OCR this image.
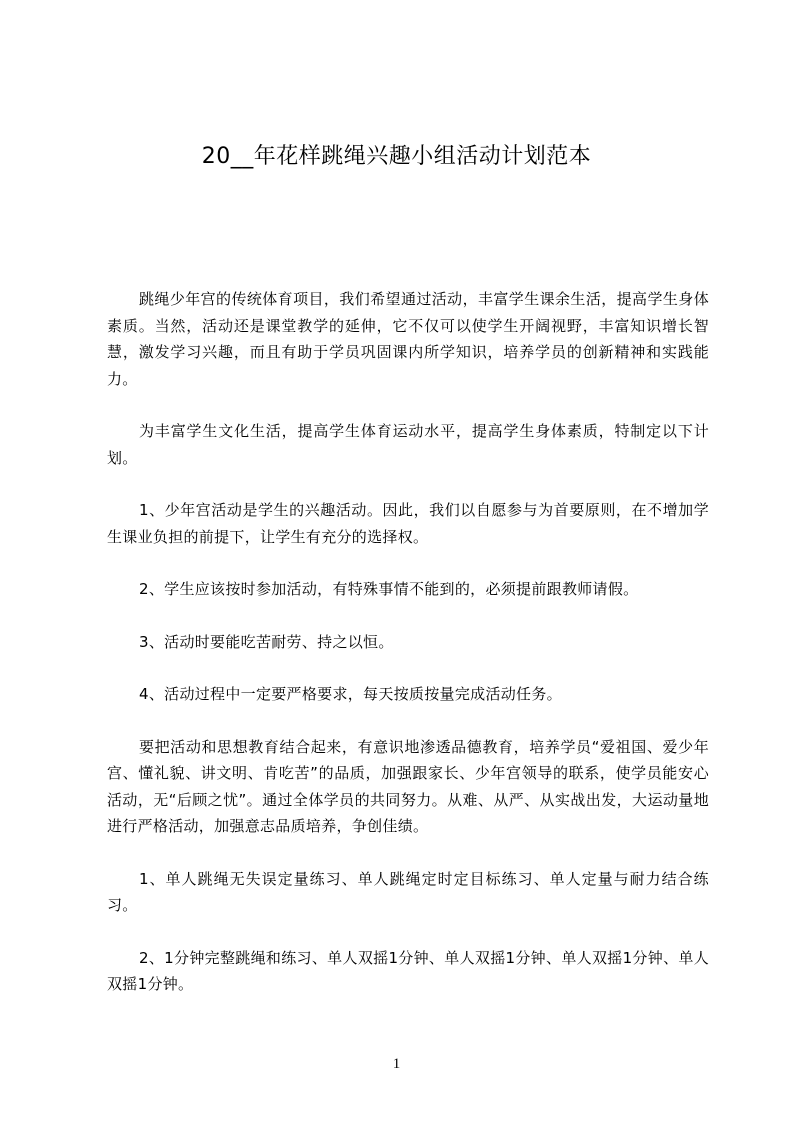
20__年花样跳绳兴趣小组活动计划范本

跳绳少年宫的传统体育项目，我们希望通过活动，丰富学生课余生活，提高学生身体素质。当然，活动还是课堂教学的延伸，它不仅可以使学生开阔视野，丰富知识增长智慧，激发学习兴趣，而且有助于学员巩固课内所学知识，培养学员的创新精神和实践能力。

为丰富学生文化生活，提高学生体育运动水平，提高学生身体素质，特制定以下计划。

1、少年宫活动是学生的兴趣活动。因此，我们以自愿参与为首要原则，在不增加学生课业负担的前提下，让学生有充分的选择权。

2、学生应该按时参加活动，有特殊事情不能到的，必须提前跟教师请假。

3、活动时要能吃苦耐劳、持之以恒。

4、活动过程中一定要严格要求，每天按质按量完成活动任务。

要把活动和思想教育结合起来，有意识地渗透品德教育，培养学员“爱祖国、爱少年宫、懂礼貌、讲文明、肯吃苦”的品质，加强跟家长、少年宫领导的联系，使学员能安心活动，无“后顾之忧”。通过全体学员的共同努力。从难、从严、从实战出发，大运动量地进行严格活动，加强意志品质培养，争创佳绩。

1、单人跳绳无失误定量练习、单人跳绳定时定目标练习、单人定量与耐力结合练习。

2、1分钟完整跳绳和练习、单人双摇1分钟、单人双摇1分钟、单人双摇1分钟、单人双摇1分钟。

1
